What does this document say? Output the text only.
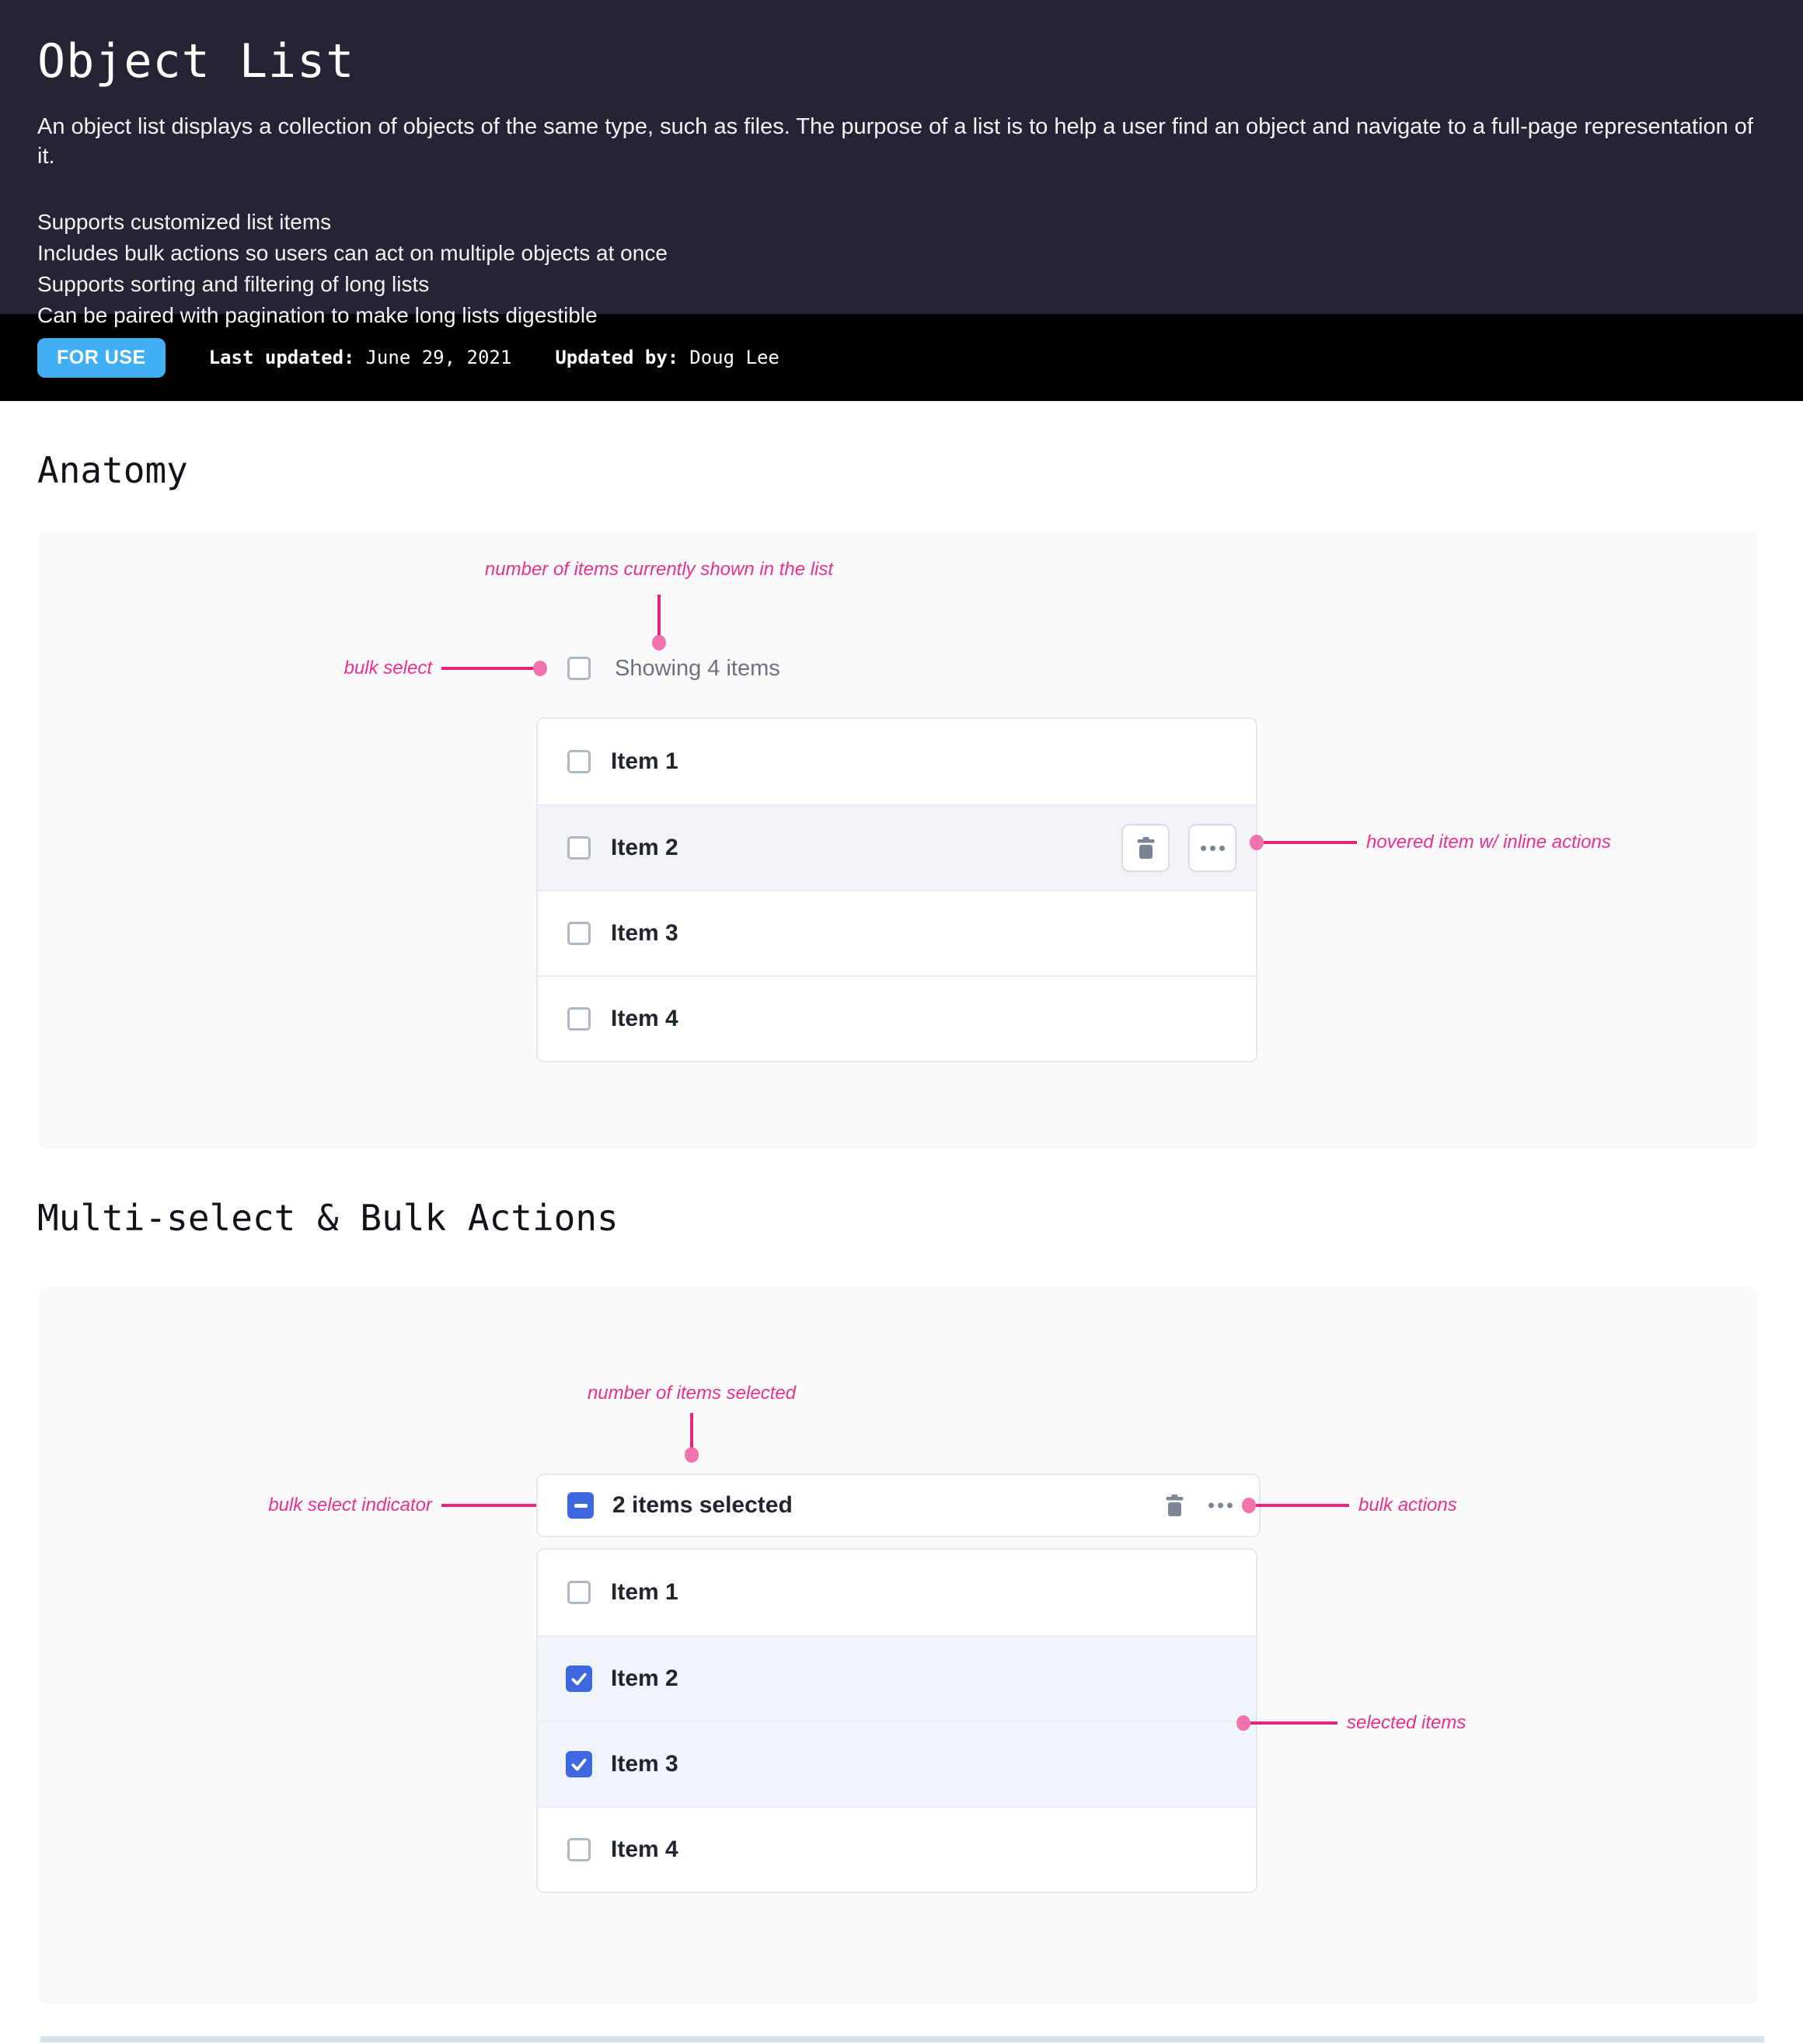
Object List

An object list displays a collection of objects of the same type, such as files. The purpose of a list is to help a user find an object and navigate to a full-page representation of it.

Supports customized list items
Includes bulk actions so users can act on multiple objects at once
Supports sorting and filtering of long lists
Can be paired with pagination to make long lists digestible
FOR USE	Last updated: June 29, 2021 Updated by: Doug Lee
Anatomy
number of items currently shown in the list
bulk select	Showing 4 items
Item 1
Item 2
Item 3
Item 4
hovered item w/ inline actions
Multi-select & Bulk Actions
number of items selected
bulk select indicator	2 items selected	bulk actions
Item 1
Item 2
Item 3
Item 4
selected items
